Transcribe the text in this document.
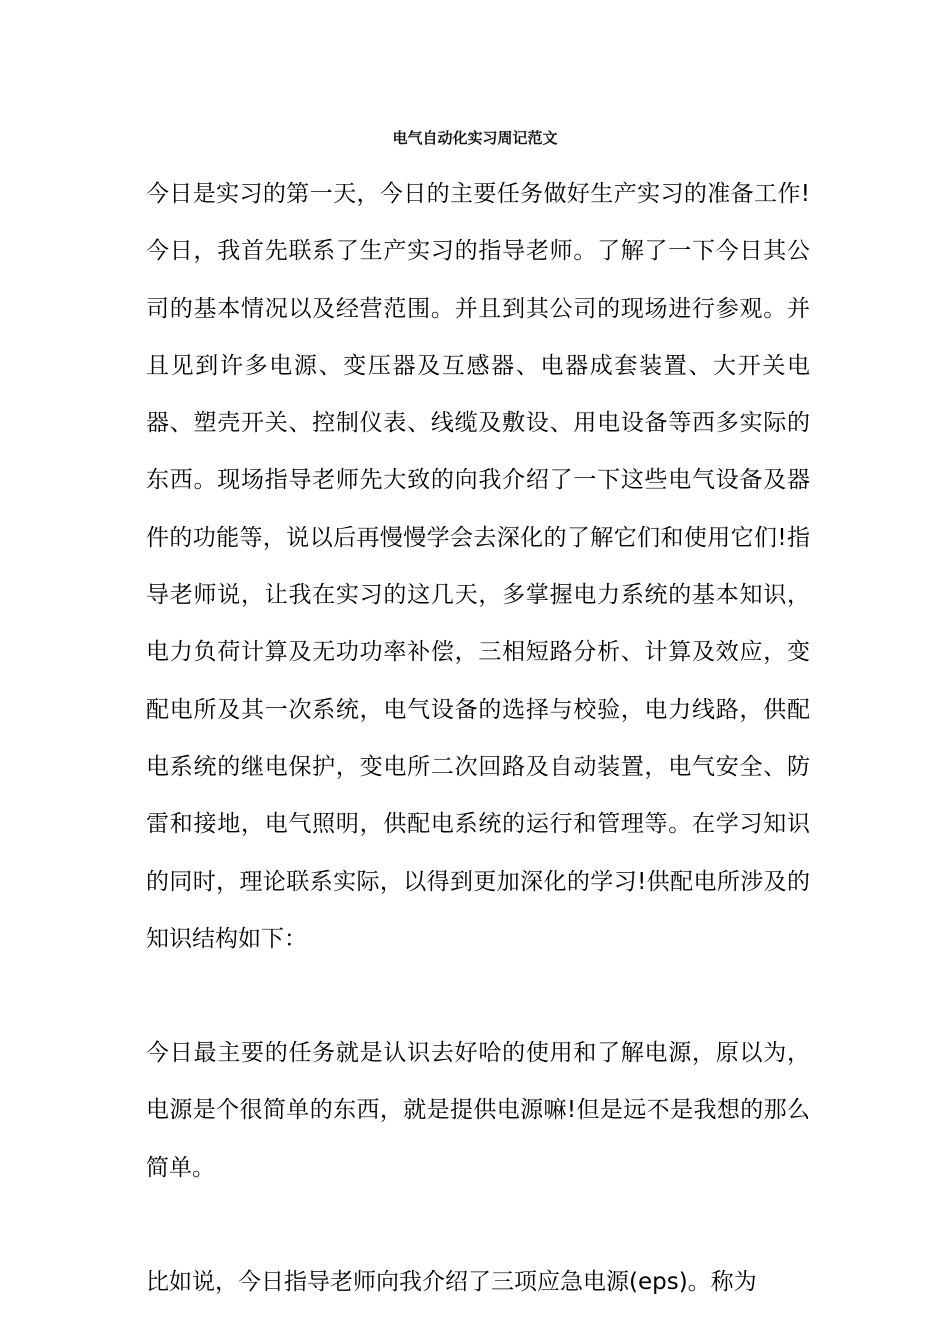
电气自动化实习周记范文

今日是实习的第一天，今日的主要任务做好生产实习的准备工作!今日，我首先联系了生产实习的指导老师。了解了一下今日其公司的基本情况以及经营范围。并且到其公司的现场进行参观。并且见到许多电源、变压器及互感器、电器成套装置、大开关电器、塑壳开关、控制仪表、线缆及敷设、用电设备等西多实际的东西。现场指导老师先大致的向我介绍了一下这些电气设备及器件的功能等，说以后再慢慢学会去深化的了解它们和使用它们!指导老师说，让我在实习的这几天，多掌握电力系统的基本知识，电力负荷计算及无功功率补偿，三相短路分析、计算及效应，变配电所及其一次系统，电气设备的选择与校验，电力线路，供配电系统的继电保护，变电所二次回路及自动装置，电气安全、防雷和接地，电气照明，供配电系统的运行和管理等。在学习知识的同时，理论联系实际，以得到更加深化的学习!供配电所涉及的知识结构如下：

今日最主要的任务就是认识去好哈的使用和了解电源，原以为，电源是个很简单的东西，就是提供电源嘛!但是远不是我想的那么简单。

比如说，今日指导老师向我介绍了三项应急电源(eps)。称为
